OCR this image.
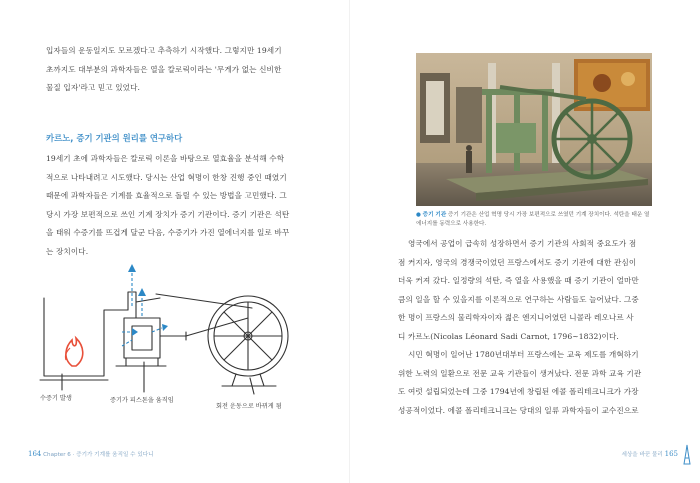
입자들의 운동일지도 모르겠다고 추측하기 시작했다. 그렇지만 19세기

초까지도 대부분의 과학자들은 열을 칼로릭이라는 '무게가 없는 신비한

물질 입자'라고 믿고 있었다.

카르노, 증기 기관의 원리를 연구하다

19세기 초에 과학자들은 칼로릭 이론을 바탕으로 열효율을 분석해 수학

적으로 나타내려고 시도했다. 당시는 산업 혁명이 한창 진행 중인 때였기

때문에 과학자들은 기계를 효율적으로 돌릴 수 있는 방법을 고민했다. 그

당시 가장 보편적으로 쓰인 기계 장치가 증기 기관이다. 증기 기관은 석탄

을 태워 수증기를 뜨겁게 달군 다음, 수증기가 가진 열에너지를 일로 바꾸

는 장치이다.

수증기 발생	증기가 피스톤을 움직임
회전 운동으로 바뀌게 됨
164 Chapter 6 · 증기가 기계를 움직일 수 있다니
● 증기 기관 증기 기관은 산업 혁명 당시 가장 보편적으로 쓰였던 기계 장치이다. 석탄을 태운 열
에너지를 동력으로 사용한다.

영국에서 공업이 급속히 성장하면서 증기 기관의 사회적 중요도가 점

점 커지자, 영국의 경쟁국이었던 프랑스에서도 증기 기관에 대한 관심이

더욱 커져 갔다. 일정량의 석탄, 즉 열을 사용했을 때 증기 기관이 얼마만

큼의 일을 할 수 있을지를 이론적으로 연구하는 사람들도 늘어났다. 그중

한 명이 프랑스의 물리학자이자 젊은 엔지니어였던 니콜라 레오나르 사

디 카르노(Nicolas Léonard Sadi Carnot, 1796~1832)이다.

시민 혁명이 일어난 1780년대부터 프랑스에는 교육 제도를 개혁하기

위한 노력의 일환으로 전문 교육 기관들이 생겨났다. 전문 과학 교육 기관

도 여럿 설립되었는데 그중 1794년에 창립된 에콜 폴리테크니크가 가장

성공적이었다. 에콜 폴리테크니크는 당대의 일류 과학자들이 교수진으로

세상을 바꾼 물리 165
